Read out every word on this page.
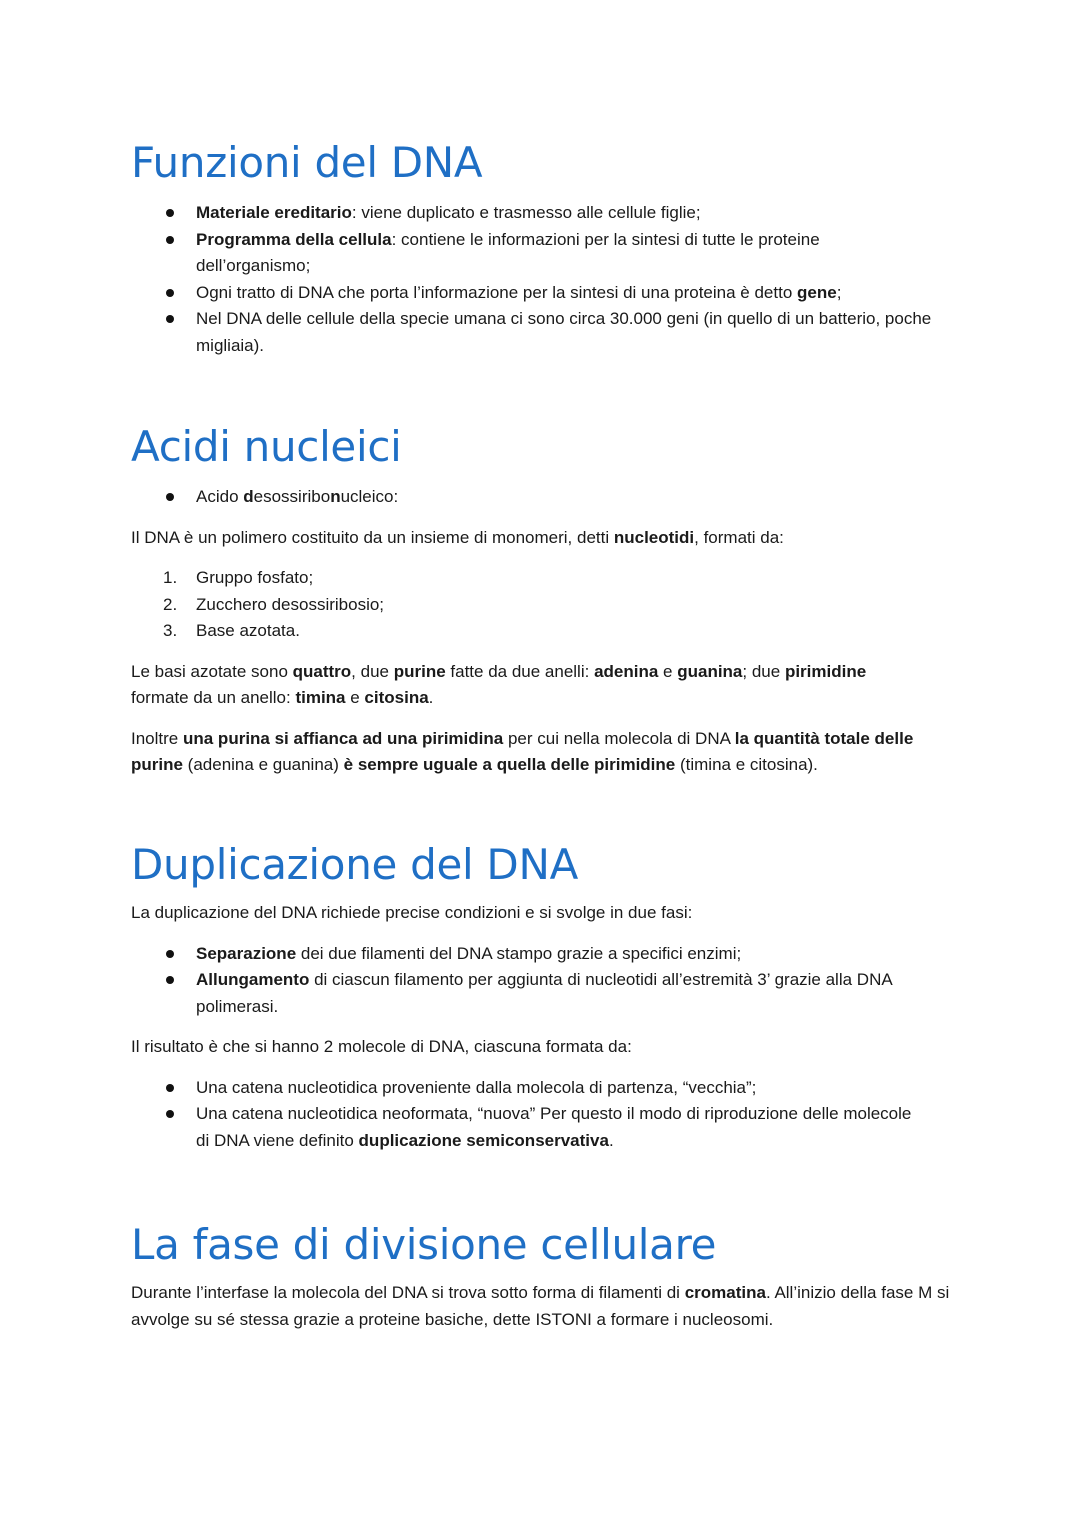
Funzioni del DNA
Materiale ereditario: viene duplicato e trasmesso alle cellule figlie;
Programma della cellula: contiene le informazioni per la sintesi di tutte le proteine dell’organismo;
Ogni tratto di DNA che porta l’informazione per la sintesi di una proteina è detto gene;
Nel DNA delle cellule della specie umana ci sono circa 30.000 geni (in quello di un batterio, poche migliaia).
Acidi nucleici
Acido desossiribonucleico:

Il DNA è un polimero costituito da un insieme di monomeri, detti nucleotidi, formati da:

1. Gruppo fosfato;
2. Zucchero desossiribosio;
3. Base azotata.

Le basi azotate sono quattro, due purine fatte da due anelli: adenina e guanina; due pirimidine formate da un anello: timina e citosina.

Inoltre una purina si affianca ad una pirimidina per cui nella molecola di DNA la quantità totale delle purine (adenina e guanina) è sempre uguale a quella delle pirimidine (timina e citosina).

Duplicazione del DNA

La duplicazione del DNA richiede precise condizioni e si svolge in due fasi:

Separazione dei due filamenti del DNA stampo grazie a specifici enzimi;
Allungamento di ciascun filamento per aggiunta di nucleotidi all’estremità 3’ grazie alla DNA polimerasi.

Il risultato è che si hanno 2 molecole di DNA, ciascuna formata da:

Una catena nucleotidica proveniente dalla molecola di partenza, “vecchia”;
Una catena nucleotidica neoformata, “nuova” Per questo il modo di riproduzione delle molecole di DNA viene definito duplicazione semiconservativa.
La fase di divisione cellulare

Durante l’interfase la molecola del DNA si trova sotto forma di filamenti di cromatina. All’inizio della fase M si avvolge su sé stessa grazie a proteine basiche, dette ISTONI a formare i nucleosomi.
